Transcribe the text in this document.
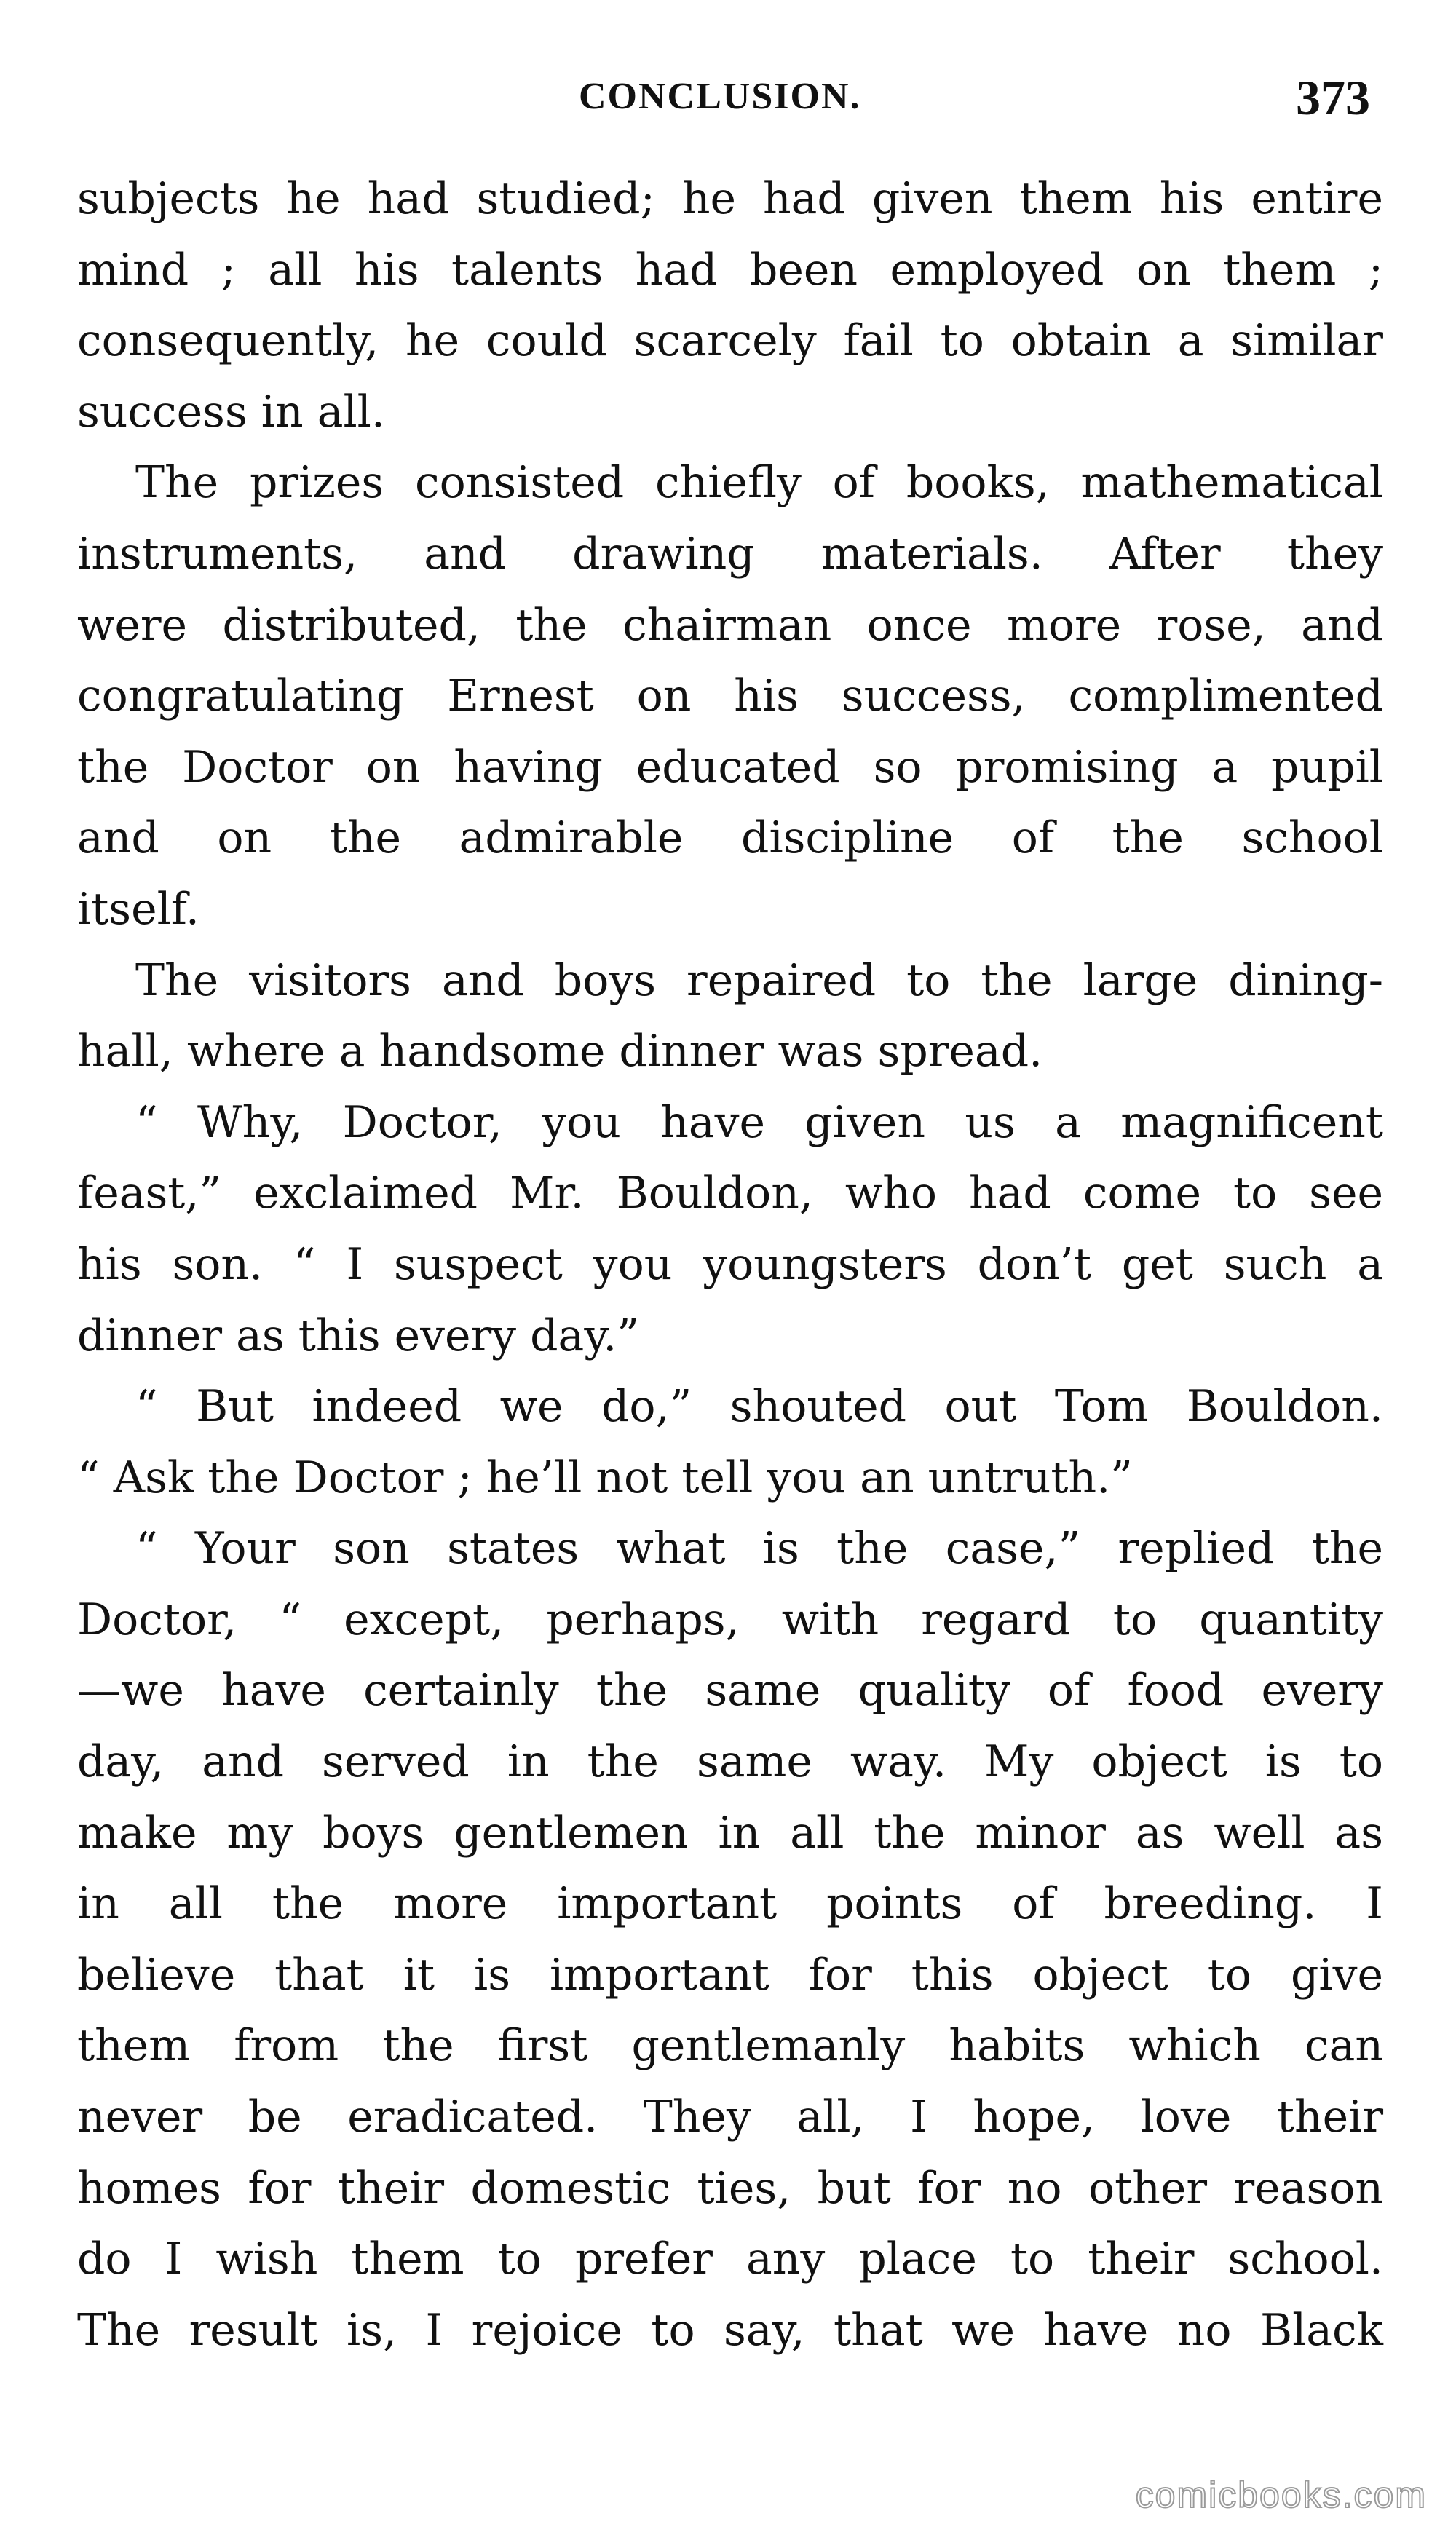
CONCLUSION.	373

subjects he had studied; he had given them his entire
mind ; all his talents had been employed on them ;
consequently, he could scarcely fail to obtain a similar
success in all.

The prizes consisted chiefly of books, mathematical
instruments, and drawing materials. After they
were distributed, the chairman once more rose, and
congratulating Ernest on his success, complimented
the Doctor on having educated so promising a pupil
and on the admirable discipline of the school
itself.

The visitors and boys repaired to the large dining-
hall, where a handsome dinner was spread.

“ Why, Doctor, you have given us a magnificent
feast,” exclaimed Mr. Bouldon, who had come to see
his son. “ I suspect you youngsters don’t get such a
dinner as this every day.”

“ But indeed we do,” shouted out Tom Bouldon.
“ Ask the Doctor ; he’ll not tell you an untruth.”

“ Your son states what is the case,” replied the
Doctor, “ except, perhaps, with regard to quantity
—we have certainly the same quality of food every
day, and served in the same way. My object is to
make my boys gentlemen in all the minor as well as
in all the more important points of breeding. I
believe that it is important for this object to give
them from the first gentlemanly habits which can
never be eradicated. They all, I hope, love their
homes for their domestic ties, but for no other reason
do I wish them to prefer any place to their school.
The result is, I rejoice to say, that we have no Black

comicbooks.com
